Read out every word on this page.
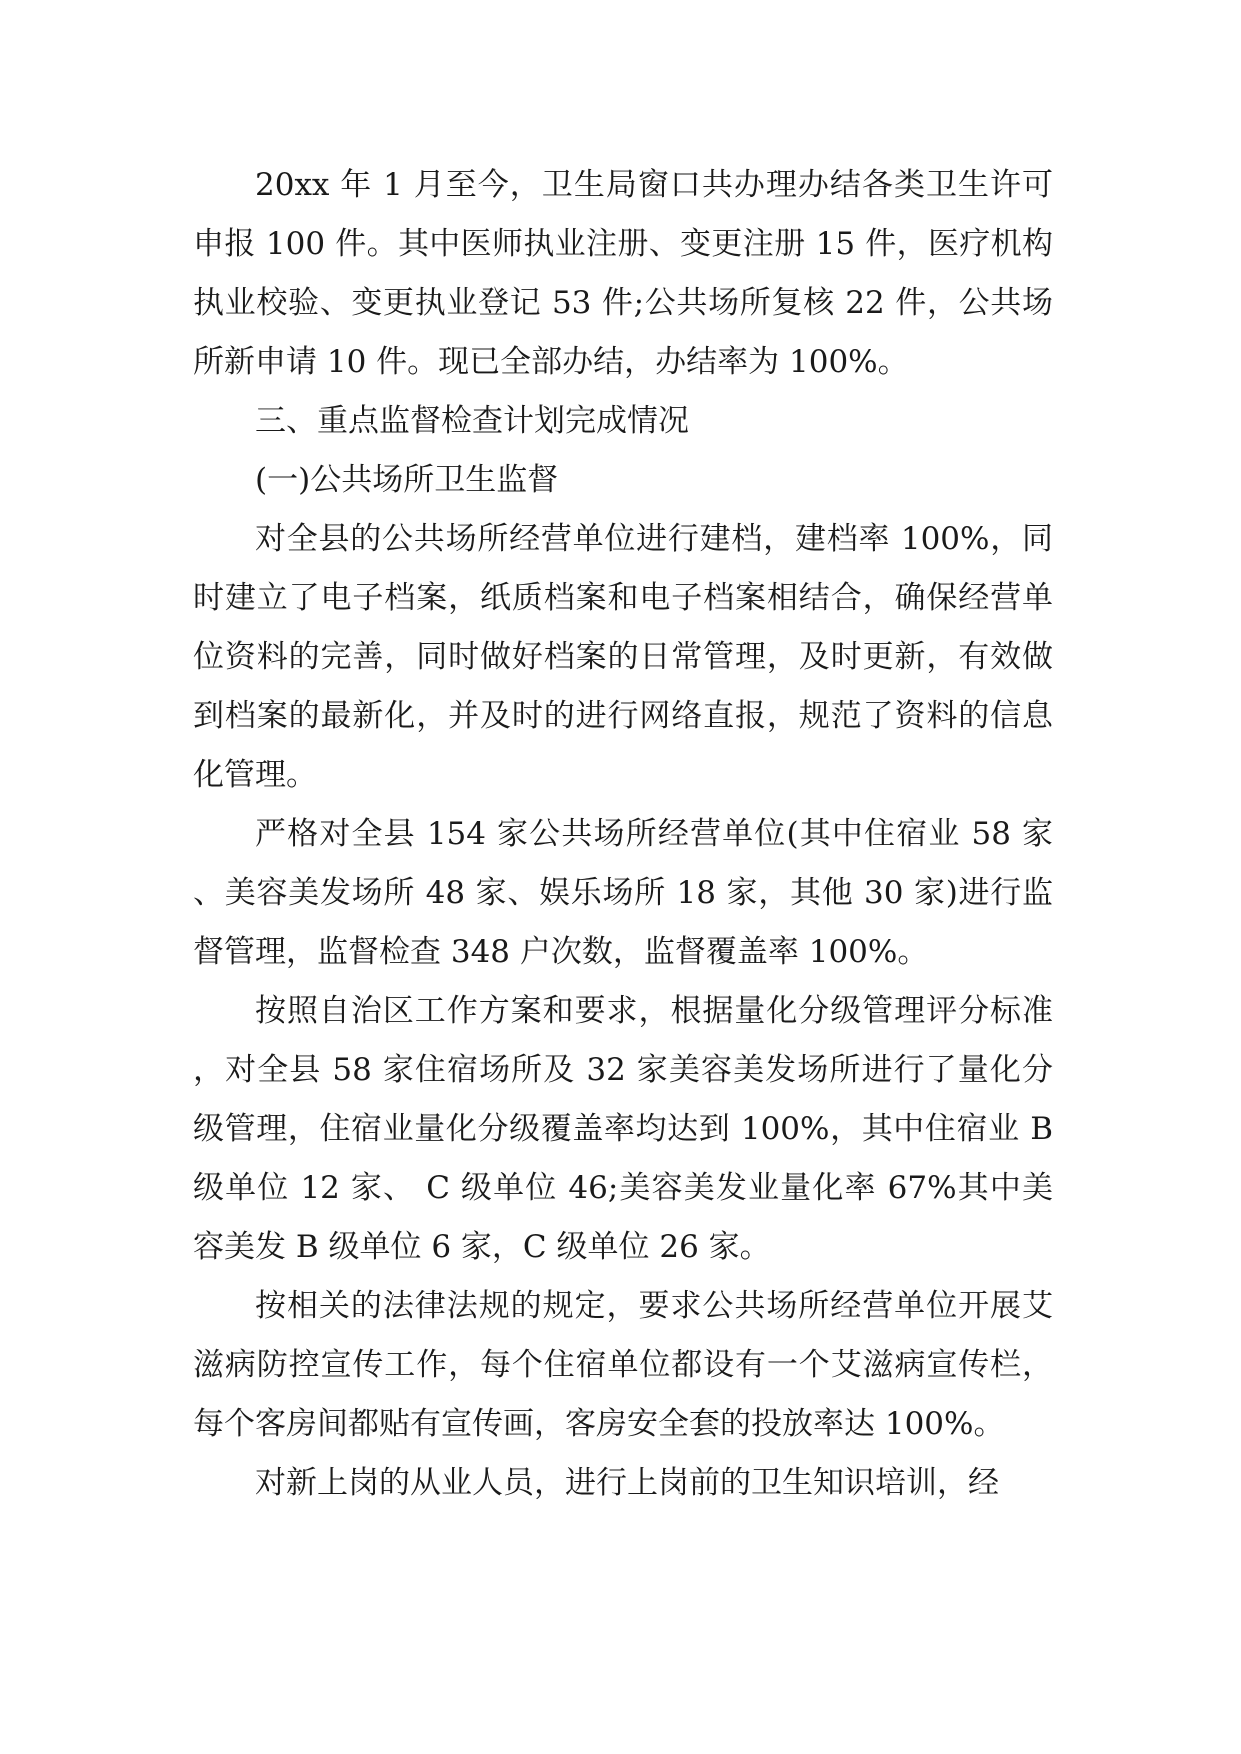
20xx 年 1 月至今，卫生局窗口共办理办结各类卫生许可申报 100 件。其中医师执业注册、变更注册 15 件，医疗机构执业校验、变更执业登记 53 件;公共场所复核 22 件，公共场所新申请 10 件。现已全部办结，办结率为 100%。

三、重点监督检查计划完成情况

(一)公共场所卫生监督

对全县的公共场所经营单位进行建档，建档率 100%，同时建立了电子档案，纸质档案和电子档案相结合，确保经营单位资料的完善，同时做好档案的日常管理，及时更新，有效做到档案的最新化，并及时的进行网络直报，规范了资料的信息化管理。

严格对全县 154 家公共场所经营单位(其中住宿业 58 家、美容美发场所 48 家、娱乐场所 18 家，其他 30 家)进行监督管理，监督检查 348 户次数，监督覆盖率 100%。

按照自治区工作方案和要求，根据量化分级管理评分标准，对全县 58 家住宿场所及 32 家美容美发场所进行了量化分级管理，住宿业量化分级覆盖率均达到 100%，其中住宿业 B 级单位 12 家、 C 级单位 46;美容美发业量化率 67%其中美容美发 B 级单位 6 家，C 级单位 26 家。

按相关的法律法规的规定，要求公共场所经营单位开展艾滋病防控宣传工作，每个住宿单位都设有一个艾滋病宣传栏，每个客房间都贴有宣传画，客房安全套的投放率达 100%。

对新上岗的从业人员，进行上岗前的卫生知识培训，经
